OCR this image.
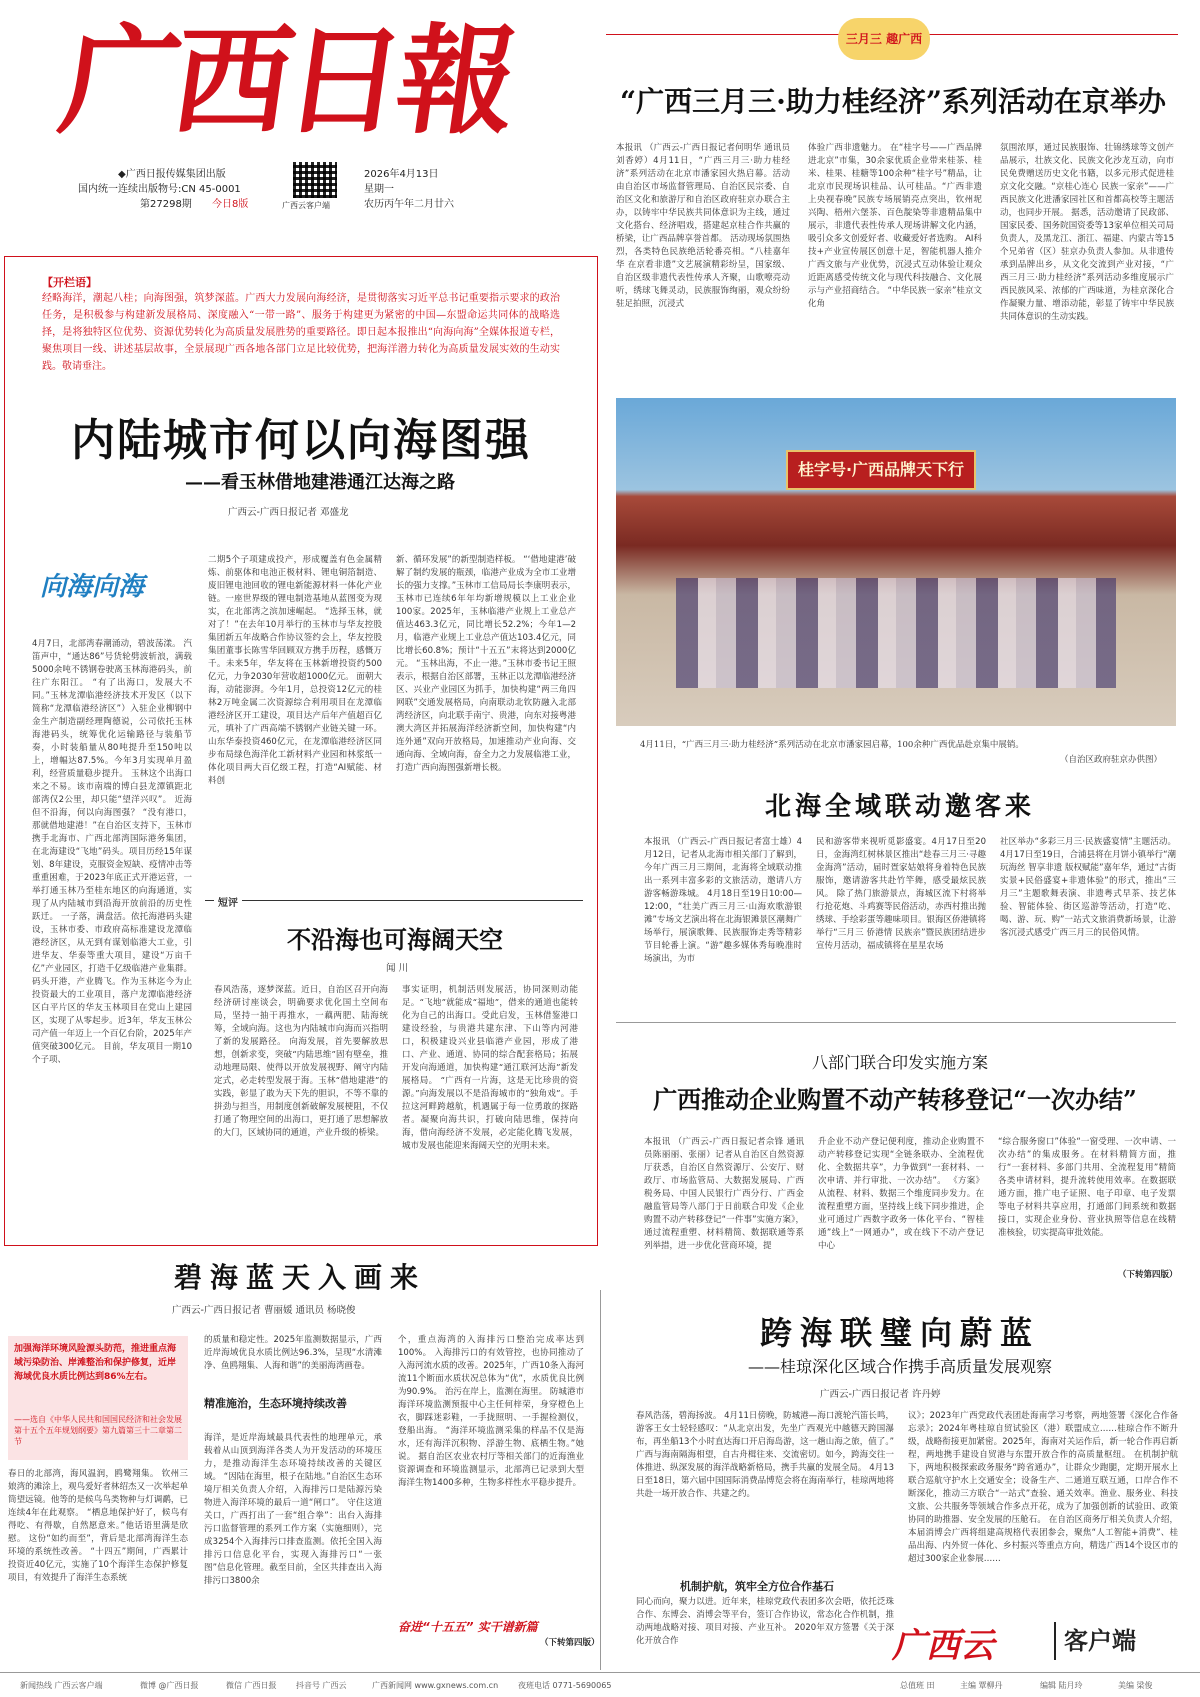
广西日報
◆广西日报传媒集团出版
国内统一连续出版物号:CN 45-0001
第27298期 今日8版	广西云客户端
2026年4月13日
星期一
农历丙午年二月廿六
三月三 趣广西
“广西三月三·助力桂经济”系列活动在京举办
本报讯 （广西云-广西日报记者何明华 通讯员刘香婷）4月11日，“广西三月三·助力桂经济”系列活动在北京市潘家园火热启幕。活动由自治区市场监督管理局、自治区民宗委、自治区文化和旅游厅和自治区政府驻京办联合主办，以铸牢中华民族共同体意识为主线，通过文化搭台、经济唱戏，搭建起京桂合作共赢的桥梁，让广西品牌享誉首都。 活动现场氛围热烈，各类特色民族绝活轮番亮相。“八桂嘉年华 在京看非遗”文艺展演精彩纷呈，国家级、自治区级非遗代表性传承人齐聚，山歌嘹亮动听，绣球飞舞灵动，民族服饰绚丽，观众纷纷驻足拍照，沉浸式
体验广西非遗魅力。 在“桂字号——广西品牌进北京”市集，30余家优质企业带来桂茶、桂米、桂果、桂糖等100余种“桂字号”精品，让北京市民现场识桂品、认可桂品。“广西非遗上央视春晚”民族专场展销亮点突出，钦州坭兴陶、梧州六堡茶、百色靛染等非遗精品集中展示，非遗代表性传承人现场讲解文化内涵，吸引众多文创爱好者、收藏爱好者选购。 AI科技+产业宣传展区创意十足，智能机器人推介广西文旅与产业优势，沉浸式互动体验让观众近距离感受传统文化与现代科技融合、文化展示与产业招商结合。 “中华民族一家亲”桂京文化角
氛围浓厚，通过民族服饰、壮锦绣球等文创产品展示，壮族文化、民族文化沙龙互动，向市民免费赠送历史文化书籍，以多元形式促进桂京文化交融。“京桂心连心 民族一家亲”——广西民族文化进潘家园社区和首都高校等主题活动，也同步开展。 据悉，活动邀请了民政部、国家民委、国务院国资委等13家单位相关司局负责人，及黑龙江、浙江、福建、内蒙古等15个兄弟省（区）驻京办负责人参加。从非遗传承到品牌出乡，从文化交流到产业对接，“广西三月三·助力桂经济”系列活动多维度展示广西民族风采、浓郁的广西味道，为桂京深化合作凝聚力量、增添动能，彰显了铸牢中华民族共同体意识的生动实践。
桂字号·广西品牌天下行
4月11日，“广西三月三·助力桂经济”系列活动在北京市潘家园启幕，100余种广西优品赴京集中展销。
（自治区政府驻京办供图）
北海全域联动邀客来
本报讯 （广西云-广西日报记者富士雄）4月12日，记者从北海市相关部门了解到，今年广西三月三期间，北海将全域联动推出一系列丰富多彩的文旅活动，邀请八方游客畅游珠城。 4月18日至19日10:00—12:00，“壮美广西三月三·山海欢歌游银滩”专场文艺演出将在北海银滩景区潮舞广场举行，展演歌舞、民族服饰走秀等精彩节目轮番上演。“游”趣多媒体秀每晚准时场演出，为市
民和游客带来视听觅影盛宴。4月17日至20日，金海湾红树林景区推出“趁春三月三·寻趣金海湾”活动，届时疍家姑娘将身着特色民族服饰，邀请游客共赴竹竿舞，感受最炫民族风。 除了热门旅游景点，海城区流下村将举行抢花炮、斗鸡赛等民俗活动，赤西村推出抛绣球、手绘彩蛋等趣味项目。银海区侨港镇将举行“三月三 侨港情 民族亲”暨民族团结进步宣传月活动，福成镇将在星星农场
社区举办“多彩三月三·民族盛宴情”主题活动。 4月17日至19日，合浦县将在月饼小镇举行“潮玩海丝 智享非遗 版权赋能”嘉年华，通过“古街实景+民俗盛宴+非遗体验”的形式，推出“三月三”主题歌舞表演、非遗粤式早茶、技艺体验、智能体验、街区巡游等活动，打造“吃、喝、游、玩、购”一站式文旅消费新场景，让游客沉浸式感受广西三月三的民俗风情。
八部门联合印发实施方案
广西推动企业购置不动产转移登记“一次办结”
本报讯 （广西云-广西日报记者佘锋 通讯员陈丽丽、张丽）记者从自治区自然资源厅获悉，自治区自然资源厅、公安厅、财政厅、市场监管局、大数据发展局、广西税务局、中国人民银行广西分行、广西金融监管局等八部门于日前联合印发《企业购置不动产转移登记“一件事”实施方案》，通过流程重塑、材料精简、数据联通等系列举措，进一步优化营商环境，提
升企业不动产登记便利度，推动企业购置不动产转移登记实现“全链条联办、全流程优化、全数据共享”，力争做到“一套材料、一次申请、并行审批、一次办结”。 《方案》从流程、材料、数据三个维度同步发力。在流程重塑方面，坚持线上线下同步推进，企业可通过广西数字政务一体化平台、“智桂通”线上“一网通办”，或在线下不动产登记中心
“综合服务窗口”体验“一窗受理、一次申请、一次办结”的集成服务。在材料精简方面，推行“一套材料、多部门共用、全流程复用”精简各类申请材料，提升流转使用效率。在数据联通方面，推广电子证照、电子印章、电子发票等电子材料共享应用，打通部门间系统和数据接口，实现企业身份、营业执照等信息在线精准核验，切实提高审批效能。
（下转第四版）
【开栏语】
经略海洋，潮起八桂；向海图强，筑梦深蓝。广西大力发展向海经济，是贯彻落实习近平总书记重要指示要求的政治任务，是积极参与构建新发展格局、深度融入“一带一路”、服务于构建更为紧密的中国—东盟命运共同体的战略选择，是将独特区位优势、资源优势转化为高质量发展胜势的重要路径。即日起本报推出“向海向海”全媒体报道专栏，聚焦项目一线、讲述基层故事，全景展现广西各地各部门立足比较优势，把海洋潜力转化为高质量发展实效的生动实践。敬请垂注。
内陆城市何以向海图强
——看玉林借地建港通江达海之路
广西云-广西日报记者 邓盛龙
向海向海
4月7日，北部湾春潮涌动，碧波荡漾。 汽笛声中，“通达86”号货轮劈波斩浪，满载5000余吨不锈钢卷驶离玉林海港码头，前往广东阳江。 “有了出海口，发展大不同。”玉林龙潭临港经济技术开发区（以下简称“龙潭临港经济区”）入驻企业柳钢中金生产制造副经理陶德说，公司依托玉林海港码头，统筹优化运输路径与装船节奏，小时装船量从80吨提升至150吨以上，增幅达87.5%。今年3月实现单月盈利，经营质量稳步提升。 玉林这个出海口来之不易。该市南端的博白县龙潭镇距北部湾仅2公里，却只能“望洋兴叹”。 近海但不沿海，何以向海图强？ “没有港口，那就借地建港！”在自治区支持下，玉林市携手北海市、广西北部湾国际港务集团，在北海建设“飞地”码头。项目历经15年谋划、8年建设，克服资金短缺、疫情冲击等重重困难，于2023年底正式开港运营，一举打通玉林乃至桂东地区的向海通道，实现了从内陆城市到沿海开放前沿的历史性跃迁。 一子落，满盘活。依托海港码头建设，玉林市委、市政府高标准建设龙潭临港经济区，从无到有谋划临港大工业，引进华友、华泰等重大项目，建设“万亩千亿”产业园区，打造千亿级临港产业集群。 码头开港，产业腾飞。作为玉林迄今为止投资最大的工业项目，落户龙潭临港经济区白平片区的华友玉林项目在党山上建园区，实现了从零起步。近3年，华友玉林公司产值一年迈上一个百亿台阶，2025年产值突破300亿元。 目前，华友项目一期10个子项、
二期5个子项建成投产，形成覆盖有色金属精炼、前驱体和电池正极材料、锂电铜箔制造、废旧锂电池回收的锂电新能源材料一体化产业链。一座世界级的锂电制造基地从蓝图变为现实，在北部湾之滨加速崛起。 “选择玉林，就对了！”在去年10月举行的玉林市与华友控股集团新五年战略合作协议签约会上，华友控股集团董事长陈雪华回顾双方携手历程，感慨万千。未来5年，华友将在玉林新增投资约500亿元，力争2030年营收超1000亿元。 面朝大海，动能澎湃。今年1月，总投资12亿元的桂林2万吨金属二次资源综合利用项目在龙潭临港经济区开工建设，项目达产后年产值超百亿元，填补了广西高端不锈钢产业链关键一环。 山东华泰投资460亿元，在龙潭临港经济区同步布局绿色海洋化工新材料产业园和林浆纸一体化项目两大百亿级工程，打造“AI赋能、材料创
新、循环发展”的新型制造样板。 “‘借地建港’破解了制约发展的瓶颈，临港产业成为全市工业增长的强力支撑。”玉林市工信局局长李康明表示，玉林市已连续6年年均新增规模以上工业企业100家。2025年，玉林临港产业规上工业总产值达463.3亿元，同比增长52.2%；今年1—2月，临港产业规上工业总产值达103.4亿元，同比增长60.8%；预计“十五五”末将达到2000亿元。 “玉林出海，不止一港。”玉林市委书记王照表示，根据自治区部署，玉林正以龙潭临港经济区、兴业产业园区为抓手，加快构建“两三角四网联”交通发展格局，向南联动北钦防融入北部湾经济区，向北联手南宁、贵港，向东对接粤港澳大湾区并拓展海洋经济新空间，加快构建“内连外通”双向开放格局，加速推动产业向海、交通向海、全域向海，奋全力之力发展临港工业，打造广西向海图强新增长极。
短评
不沿海也可海阔天空
闻 川
春风浩荡，逐梦深蓝。近日，自治区召开向海经济研讨座谈会，明确要求优化国土空间布局，坚持一抽干再推水，一藕两肥、陆海统筹，全域向海。这也为内陆城市向海而兴指明了新的发展路径。 向海发展，首先要解放思想，创新求变，突破“内陆思维”固有壁垒，推动地理局限、使得以开放发展视野、阐守内陆定式，必走转型发展于海。玉林“借地建港”的实践，彰显了敢为天下先的胆识，不等不靠的拼劲与担当，用制度创新破解发展梗阻，不仅打通了物理空间的出海口，更打通了思想解放的大门，区域协同的通道，产业升级的桥梁。
事实证明，机制活则发展活，协同深则动能足。“飞地”就能成“福地”，借来的通道也能转化为自己的出海口。受此启发，玉林借鉴港口建设经验，与贵港共建东津、下山等内河港口，积极建设兴业县临港产业园，形成了港口、产业、通道、协同的综合配套格局；拓展开发向海通道，加快构建“通江联河达海”新发展格局。 “广西有一片海，这是无比珍贵的资源。”向海发展以不是沿海城市的“独角戏”。手拉这河畔跨越航，机遇属于每一位勇敢的探路者。凝聚向海共识，打破向陆思维，保持向海，借向海经济不发展，必定能化腾飞发展，城市发展也能迎来海阔天空的光明未来。
碧海蓝天入画来
广西云-广西日报记者 曹丽媛 通讯员 杨晓俊
加强海洋环境风险源头防范，推进重点海域污染防治、岸滩整治和保护修复，近岸海域优良水质比例达到86%左右。
——选自《中华人民共和国国民经济和社会发展第十五个五年规划纲要》第九篇第三十二章第二节
春日的北部湾，海风温润，鸥鹭翔集。 钦州三娘湾的滩涂上，观鸟爱好者林绍杰又一次举起单筒望远镜。他等的是候鸟鸟类物种与灯调鹬，已连续4年在此观察。 “栖息地保护好了，候鸟有得吃、有得歇，自然愿意来。”他话语里满是欣慰。 这份“如约而至”，背后是北部湾海洋生态环境的系统性改善。 “十四五”期间，广西累计投资近40亿元，实施了10个海洋生态保护修复项目，有效提升了海洋生态系统
的质量和稳定性。2025年监测数据显示，广西近岸海域优良水质比例达96.3%，呈现“水清滩净、鱼鸥翔集、人海和谐”的美丽海湾画卷。
精准施治，生态环境持续改善
海洋，是近岸海域最具代表性的地理单元，承载着从山顶到海洋各类人为开发活动的环境压力，是推动海洋生态环境持续改善的关键区域。 “因陆在海里，根子在陆地。”自治区生态环境厅相关负责人介绍，入海排污口是陆源污染物进入海洋环境的最后一道“闸口”。 守住这道关口，广西打出了一套“组合拳”：出台入海排污口监督管理的系列工作方案（实施细则），完成3254个入海排污口排查监测。依托全国入海排污口信息化平台，实现入海排污口“一张图”信息化管理。截至目前，全区共排查出入海排污口3800余
个，重点海湾的入海排污口整治完成率达到100%。 入海排污口的有效管控，也协同推动了入海河流水质的改善。2025年，广西10条入海河流11个断面水质状况总体为“优”，水质优良比例为90.9%。 治污在岸上，监测在海里。 防城港市海洋环境监测预报中心主任何梓荣，身穿橙色上衣，脚踩迷彩鞋，一手拢照明、一手握检测仪，登船出海。 “海洋环境监测采集的样品不仅是海水，还有海洋沉积物、浮游生物、底栖生物。”她说。 据自治区农业农村厅等相关部门的近海渔业资源调查和环境监测显示，北部湾已记录到大型海洋生物1400多种，生物多样性水平稳步提升。
（下转第四版）
奋进“十五五” 实干谱新篇
跨海联璧向蔚蓝
——桂琼深化区域合作携手高质量发展观察
广西云-广西日报记者 许丹婷
春风浩荡，碧海扬波。 4月11日傍晚，防城港—海口渡轮汽笛长鸣，游客王女士轻轻感叹：“从北京出发，先坐广西观光中越德天跨国瀑布，再坐船13个小时直达海口开启海岛游，这一趟山海之旅，值了。” 广西与海南隔海相望，自古舟楫往来、交流密切。如今，跨海交往一体推进、纵深发展的海洋战略新格局，携手共赢的发展全局。 4月13日至18日，第六届中国国际消费品博览会将在海南举行，桂琼两地将共赴一场开放合作、共建之约。
机制护航，筑牢全方位合作基石
同心而向，聚力以进。近年来，桂琼党政代表团多次会晤，依托泛珠合作、东博会、消博会等平台，签订合作协议，常态化合作机制，推动两地战略对接、项目对接、产业互补。 2020年双方签署《关于深化开放合作
议》；2023年广西党政代表团赴海南学习考察，两地签署《深化合作备忘录》；2024年粤桂琼自贸试验区（港）联盟成立……桂琼合作不断升级，战略衔接更加紧密。2025年，海南对关运作后，新一轮合作再启新程，两地携手建设自贸港与东盟开放合作的高质量枢纽。 在机制护航下，两地积极探索政务服务“跨省通办”，让群众少跑腿，定期开展水上联合巡航守护水上交通安全；设备生产、二通道互联互通，口岸合作不断深化，推动三方联合“一站式”查验、通关效率。渔业、服务业、科技文旅、公共服务等领域合作多点开花，成为了加强创新的试验田、政策协同的助推器、安全发展的压舱石。 在自治区商务厅相关负责人介绍，本届消博会广西将组建高规格代表团参会，聚焦“人工智能+消费”、桂品出海、内外贸一体化、乡村振兴等重点方向，精选广西14个设区市的超过300家企业参展……
广西云	客户端
新闻热线 广西云客户端	微博 @广西日报	微信 广西日报 抖音号 广西云	广西新闻网 www.gxnews.com.cn 夜班电话 0771-5690065	总值班 田	主编 覃柳丹	编辑 陆月玲	美编 梁俊
